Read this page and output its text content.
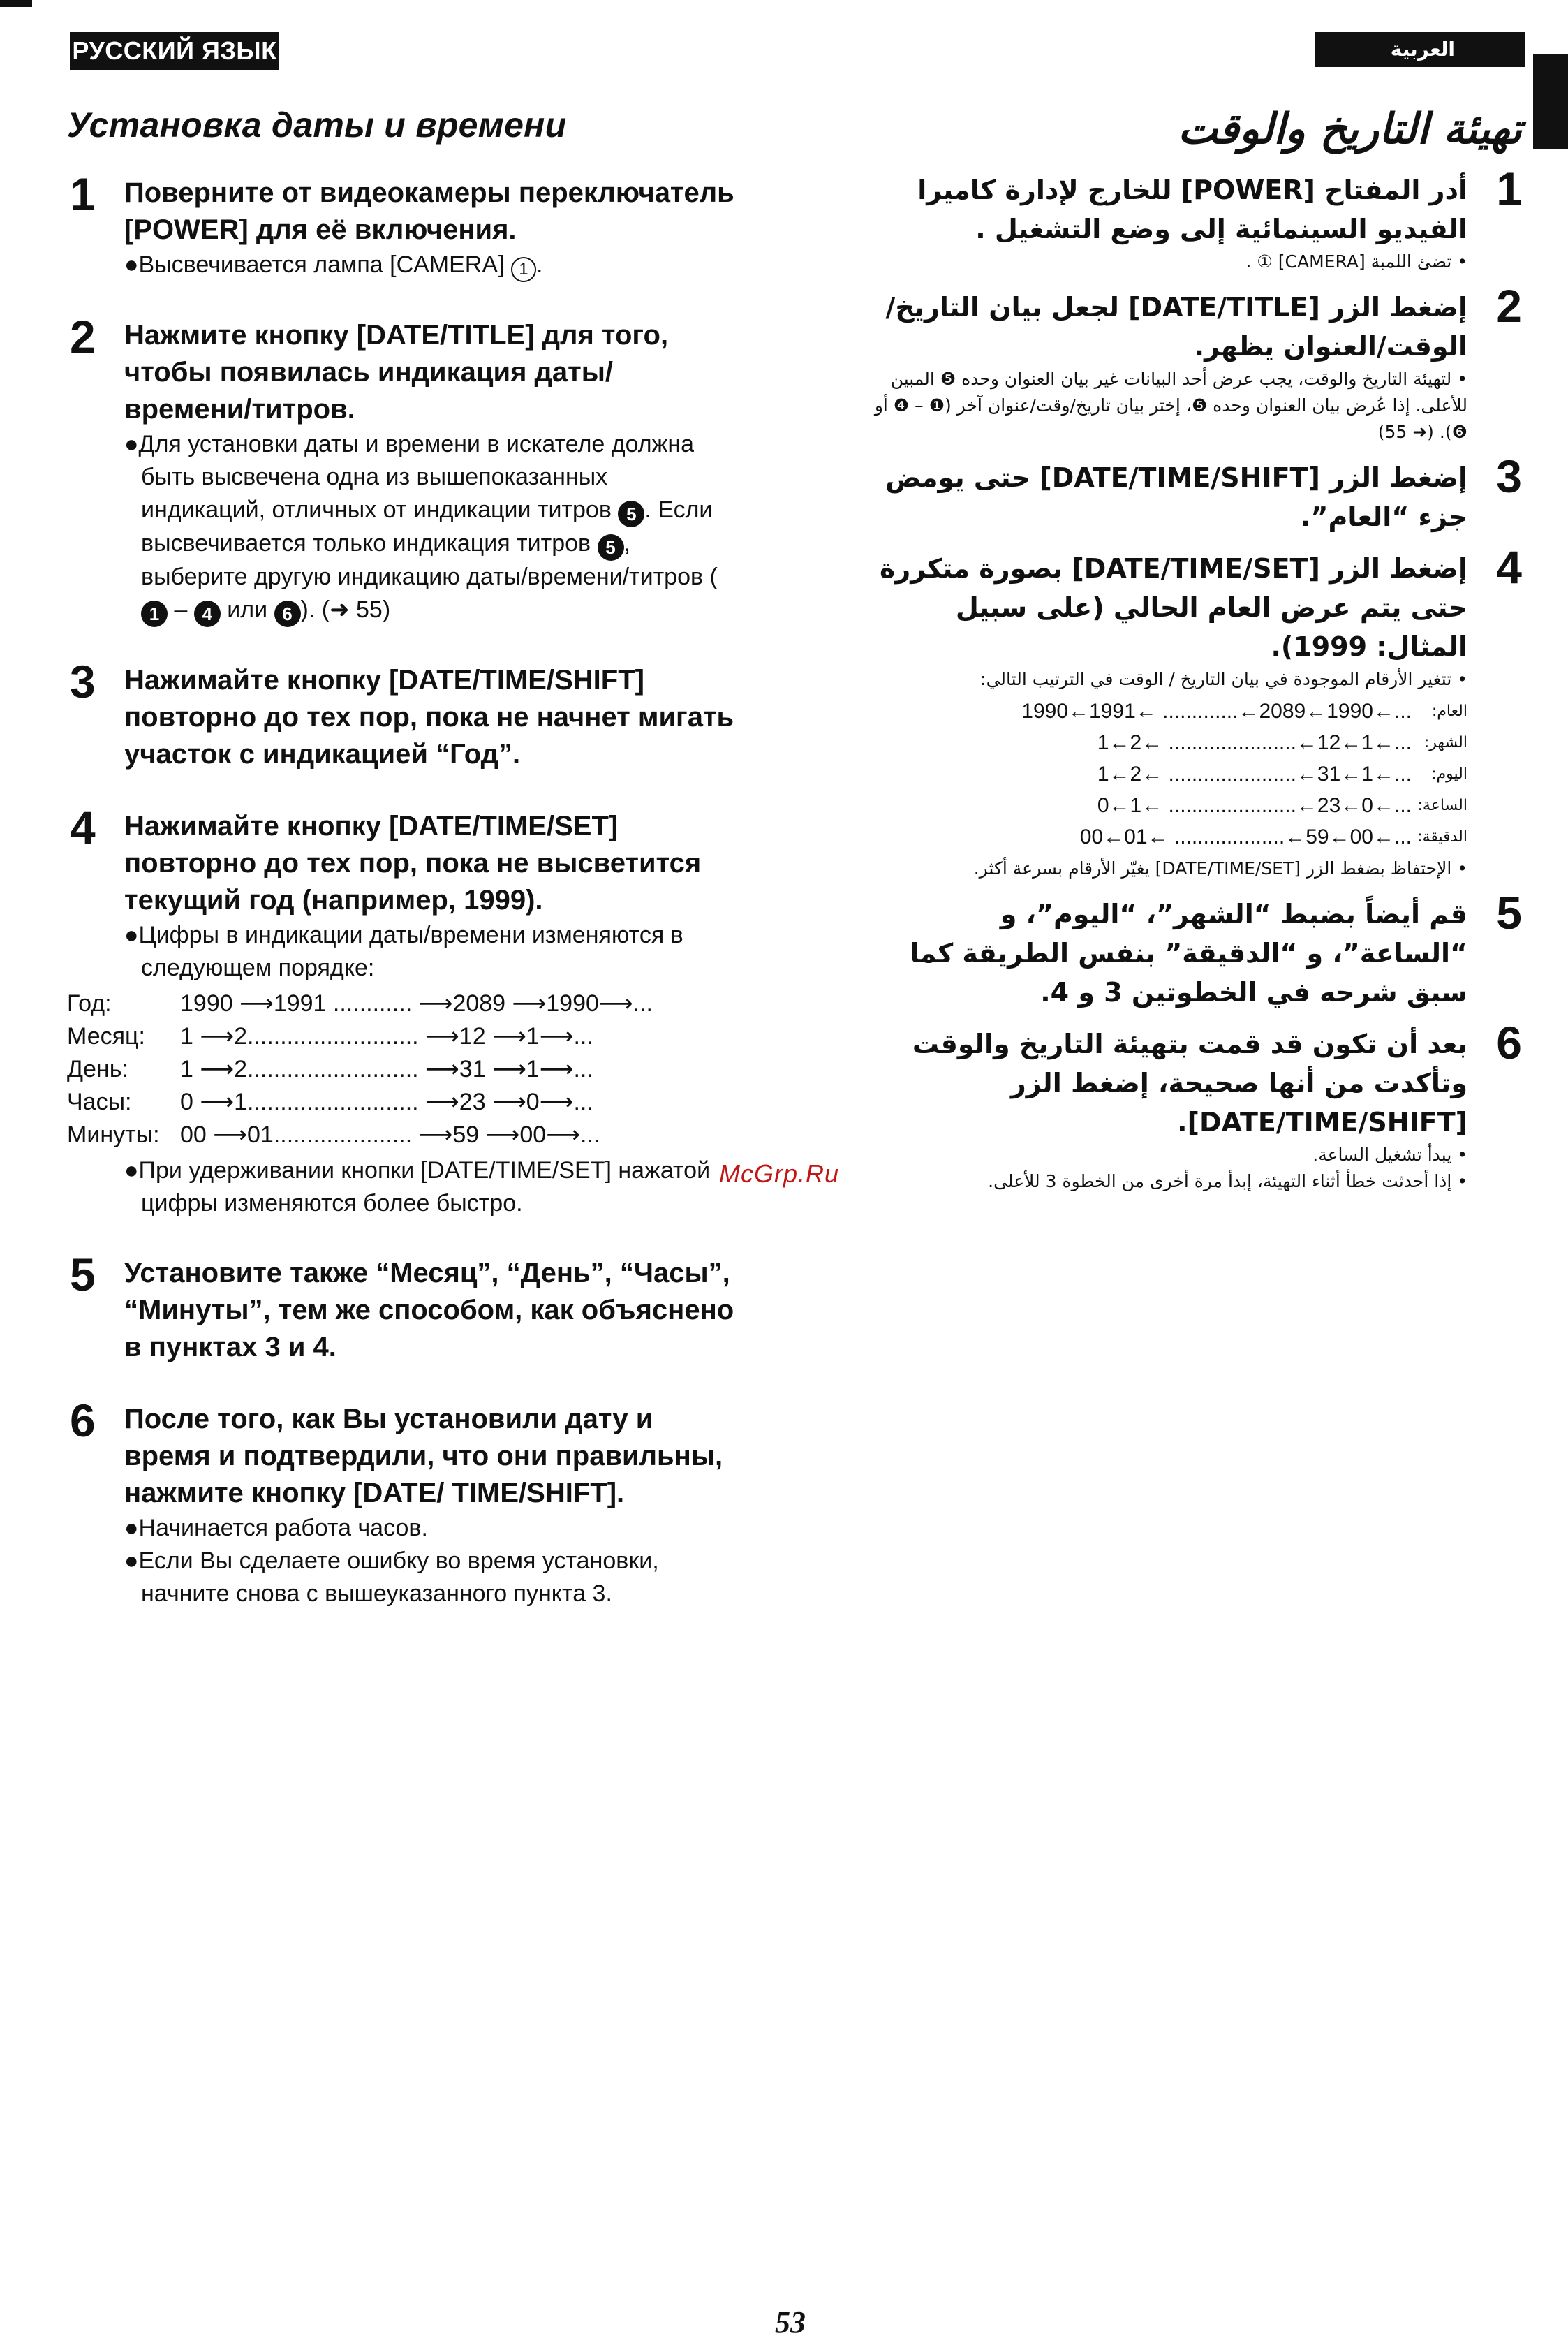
РУССКИЙ ЯЗЫК	العربية
Установка даты и времени
1 Поверните от видеокамеры переключатель [POWER] для её включения.
●Высвечивается лампа [CAMERA] 1 .
2 Нажмите кнопку [DATE/TITLE] для того, чтобы появилась индикация даты/ времени/титров.
●Для установки даты и времени в искателе должна быть высвечена одна из вышепоказанных индикаций, отличных от индикации титров 5 . Если высвечивается только индикация титров 5 , выберите другую индикацию даты/времени/титров (1 – 4 или 6 ). (➜ 55)
3 Нажимайте кнопку [DATE/TIME/SHIFT] повторно до тех пор, пока не начнет мигать участок с индикацией “Год”.
4 Нажимайте кнопку [DATE/TIME/SET] повторно до тех пор, пока не высветится текущий год (например, 1999).
●Цифры в индикации даты/времени изменяются в следующем порядке:
Год:	1990 ⟶1991 ............ ⟶2089 ⟶1990⟶...
Месяц:	1 ⟶2.......................... ⟶12 ⟶1⟶...
День:	1 ⟶2.......................... ⟶31 ⟶1⟶...
Часы:	0 ⟶1.......................... ⟶23 ⟶0⟶...
Минуты: 00 ⟶01..................... ⟶59 ⟶00⟶...
●При удерживании кнопки [DATE/TIME/SET] нажатой цифры изменяются более быстро.
5 Установите также “Месяц”, “День”, “Часы”, “Минуты”, тем же способом, как объяснено в пунктах 3 и 4.
6 После того, как Вы установили дату и время и подтвердили, что они правильны, нажмите кнопку [DATE/ TIME/SHIFT].
●Начинается работа часов.
●Если Вы сделаете ошибку во время установки, начните снова с вышеуказанного пункта 3.
تهيئة التاريخ والوقت
1
أدر المفتاح [POWER] للخارج لإدارة كاميرا الفيديو السينمائية إلى وضع التشغيل .
• تضئ اللمبة [CAMERA] ① .
2
إضغط الزر [DATE/TITLE] لجعل بيان التاريخ/ الوقت/العنوان يظهر.
• لتهيئة التاريخ والوقت، يجب عرض أحد البيانات غير بيان العنوان وحده ❺ المبين للأعلى. إذا عُرض بيان العنوان وحده ❺، إختر بيان تاريخ/وقت/عنوان آخر (❶ – ❹ أو ❻). (➜ 55)
3
إضغط الزر [DATE/TIME/SHIFT] حتى يومض جزء “العام”.
4
إضغط الزر [DATE/TIME/SET] بصورة متكررة حتى يتم عرض العام الحالي (على سبيل المثال: 1999).
• تتغير الأرقام الموجودة في بيان التاريخ / الوقت في الترتيب التالي:
العام:
...←1990←2089←............. ←1991←1990
الشهر:
...←1←12←...................... ←2←1
اليوم:
...←1←31←...................... ←2←1
الساعة:
...←0←23←...................... ←1←0
الدقيقة:
...←00←59←................... ←01←00
• الإحتفاظ بضغط الزر [DATE/TIME/SET] يغيّر الأرقام بسرعة أكثر.
5
قم أيضاً بضبط “الشهر”، “اليوم”، و “الساعة”، و “الدقيقة” بنفس الطريقة كما سبق شرحه في الخطوتين 3 و 4.
6
بعد أن تكون قد قمت بتهيئة التاريخ والوقت وتأكدت من أنها صحيحة، إضغط الزر [DATE/TIME/SHIFT].
• يبدأ تشغيل الساعة.
• إذا أحدثت خطأ أثناء التهيئة، إبدأ مرة أخرى من الخطوة 3 للأعلى.
McGrp.Ru
53
